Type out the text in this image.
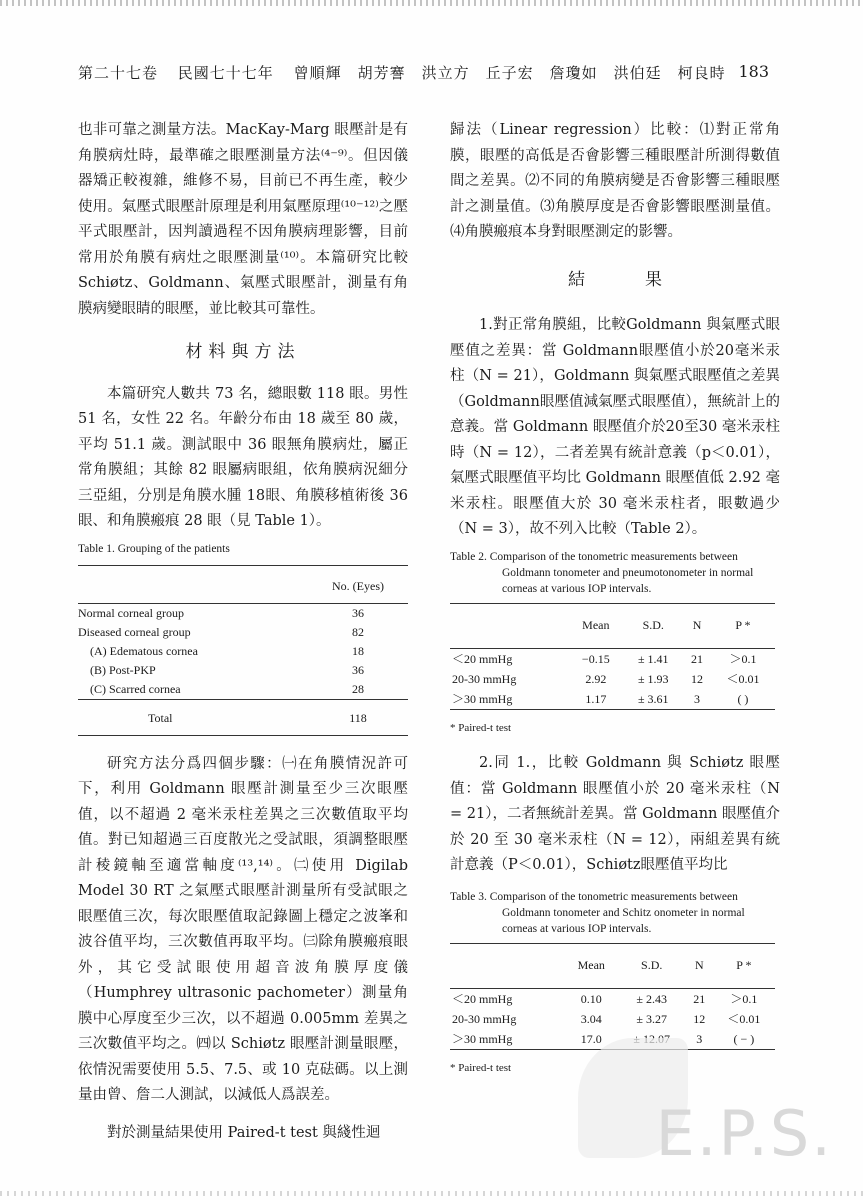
第二十七卷 民國七十七年 曾順輝　胡芳謇　洪立方　丘子宏　詹瓊如　洪伯廷　柯良時 183

也非可靠之測量方法。MacKay-Marg 眼壓計是有角膜病灶時，最準確之眼壓測量方法⁽⁴⁻⁹⁾。但因儀器矯正較複雜，維修不易，目前已不再生產，較少使用。氣壓式眼壓計原理是利用氣壓原理⁽¹⁰⁻¹²⁾之壓平式眼壓計，因判讀過程不因角膜病理影響，目前常用於角膜有病灶之眼壓測量⁽¹⁰⁾。本篇研究比較 Schiøtz、Goldmann、氣壓式眼壓計，測量有角膜病變眼睛的眼壓，並比較其可靠性。

材料與方法

本篇研究人數共 73 名，總眼數 118 眼。男性 51 名，女性 22 名。年齡分布由 18 歲至 80 歲，平均 51.1 歲。測試眼中 36 眼無角膜病灶，屬正常角膜組；其餘 82 眼屬病眼組，依角膜病況細分三亞組，分別是角膜水腫 18眼、角膜移植術後 36 眼、和角膜瘢痕 28 眼（見 Table 1）。

Table 1. Grouping of the patients
	No. (Eyes)
Normal corneal group	36
Diseased corneal group	82
(A) Edematous cornea	18
(B) Post-PKP	36
(C) Scarred cornea	28
Total	118

研究方法分爲四個步驟：㈠在角膜情況許可下，利用 Goldmann 眼壓計測量至少三次眼壓值，以不超過 2 毫米汞柱差異之三次數值取平均值。對已知超過三百度散光之受試眼，須調整眼壓計稜鏡軸至適當軸度⁽¹³,¹⁴⁾。㈡使用 Digilab Model 30 RT 之氣壓式眼壓計測量所有受試眼之眼壓值三次，每次眼壓值取記錄圖上穩定之波峯和波谷值平均，三次數值再取平均。㈢除角膜瘢痕眼外，其它受試眼使用超音波角膜厚度儀（Humphrey ultrasonic pachometer）測量角膜中心厚度至少三次，以不超過 0.005mm 差異之三次數值平均之。㈣以 Schiøtz 眼壓計測量眼壓，依情況需要使用 5.5、7.5、或 10 克砝碼。以上測量由曾、詹二人測試，以減低人爲誤差。

對於測量結果使用 Paired-t test 與綫性迴

歸法（Linear regression）比較：⑴對正常角膜，眼壓的高低是否會影響三種眼壓計所測得數值間之差異。⑵不同的角膜病變是否會影響三種眼壓計之測量值。⑶角膜厚度是否會影響眼壓測量值。⑷角膜瘢痕本身對眼壓測定的影響。

結果

1.對正常角膜組，比較Goldmann 與氣壓式眼壓值之差異：當 Goldmann眼壓值小於20毫米汞柱（N = 21），Goldmann 與氣壓式眼壓值之差異（Goldmann眼壓值減氣壓式眼壓值），無統計上的意義。當 Goldmann 眼壓值介於20至30 毫米汞柱時（N = 12），二者差異有統計意義（p＜0.01），氣壓式眼壓值平均比 Goldmann 眼壓值低 2.92 毫米汞柱。眼壓值大於 30 毫米汞柱者，眼數過少（N = 3），故不列入比較（Table 2）。

Table 2. Comparison of the tonometric measurements between Goldmann tonometer and pneumotonometer in normal corneas at various IOP intervals.
	Mean	S.D.	N	P *
＜20 mmHg	−0.15	± 1.41	21	＞0.1
20-30 mmHg	2.92	± 1.93	12	＜0.01
＞30 mmHg	1.17	± 3.61	3	( )

* Paired-t test

2.同 1.，比較 Goldmann 與 Schiøtz 眼壓值：當 Goldmann 眼壓值小於 20 毫米汞柱（N = 21），二者無統計差異。當 Goldmann 眼壓值介於 20 至 30 毫米汞柱（N = 12），兩組差異有統計意義（P＜0.01），Schiøtz眼壓值平均比

Table 3. Comparison of the tonometric measurements between Goldmann tonometer and Schitz onometer in normal corneas at various IOP intervals.
	Mean	S.D.	N	P *
＜20 mmHg	0.10	± 2.43	21	＞0.1
20-30 mmHg	3.04	± 3.27	12	＜0.01
＞30 mmHg	17.0		3	( − )

* Paired-t test
E.P.S.
